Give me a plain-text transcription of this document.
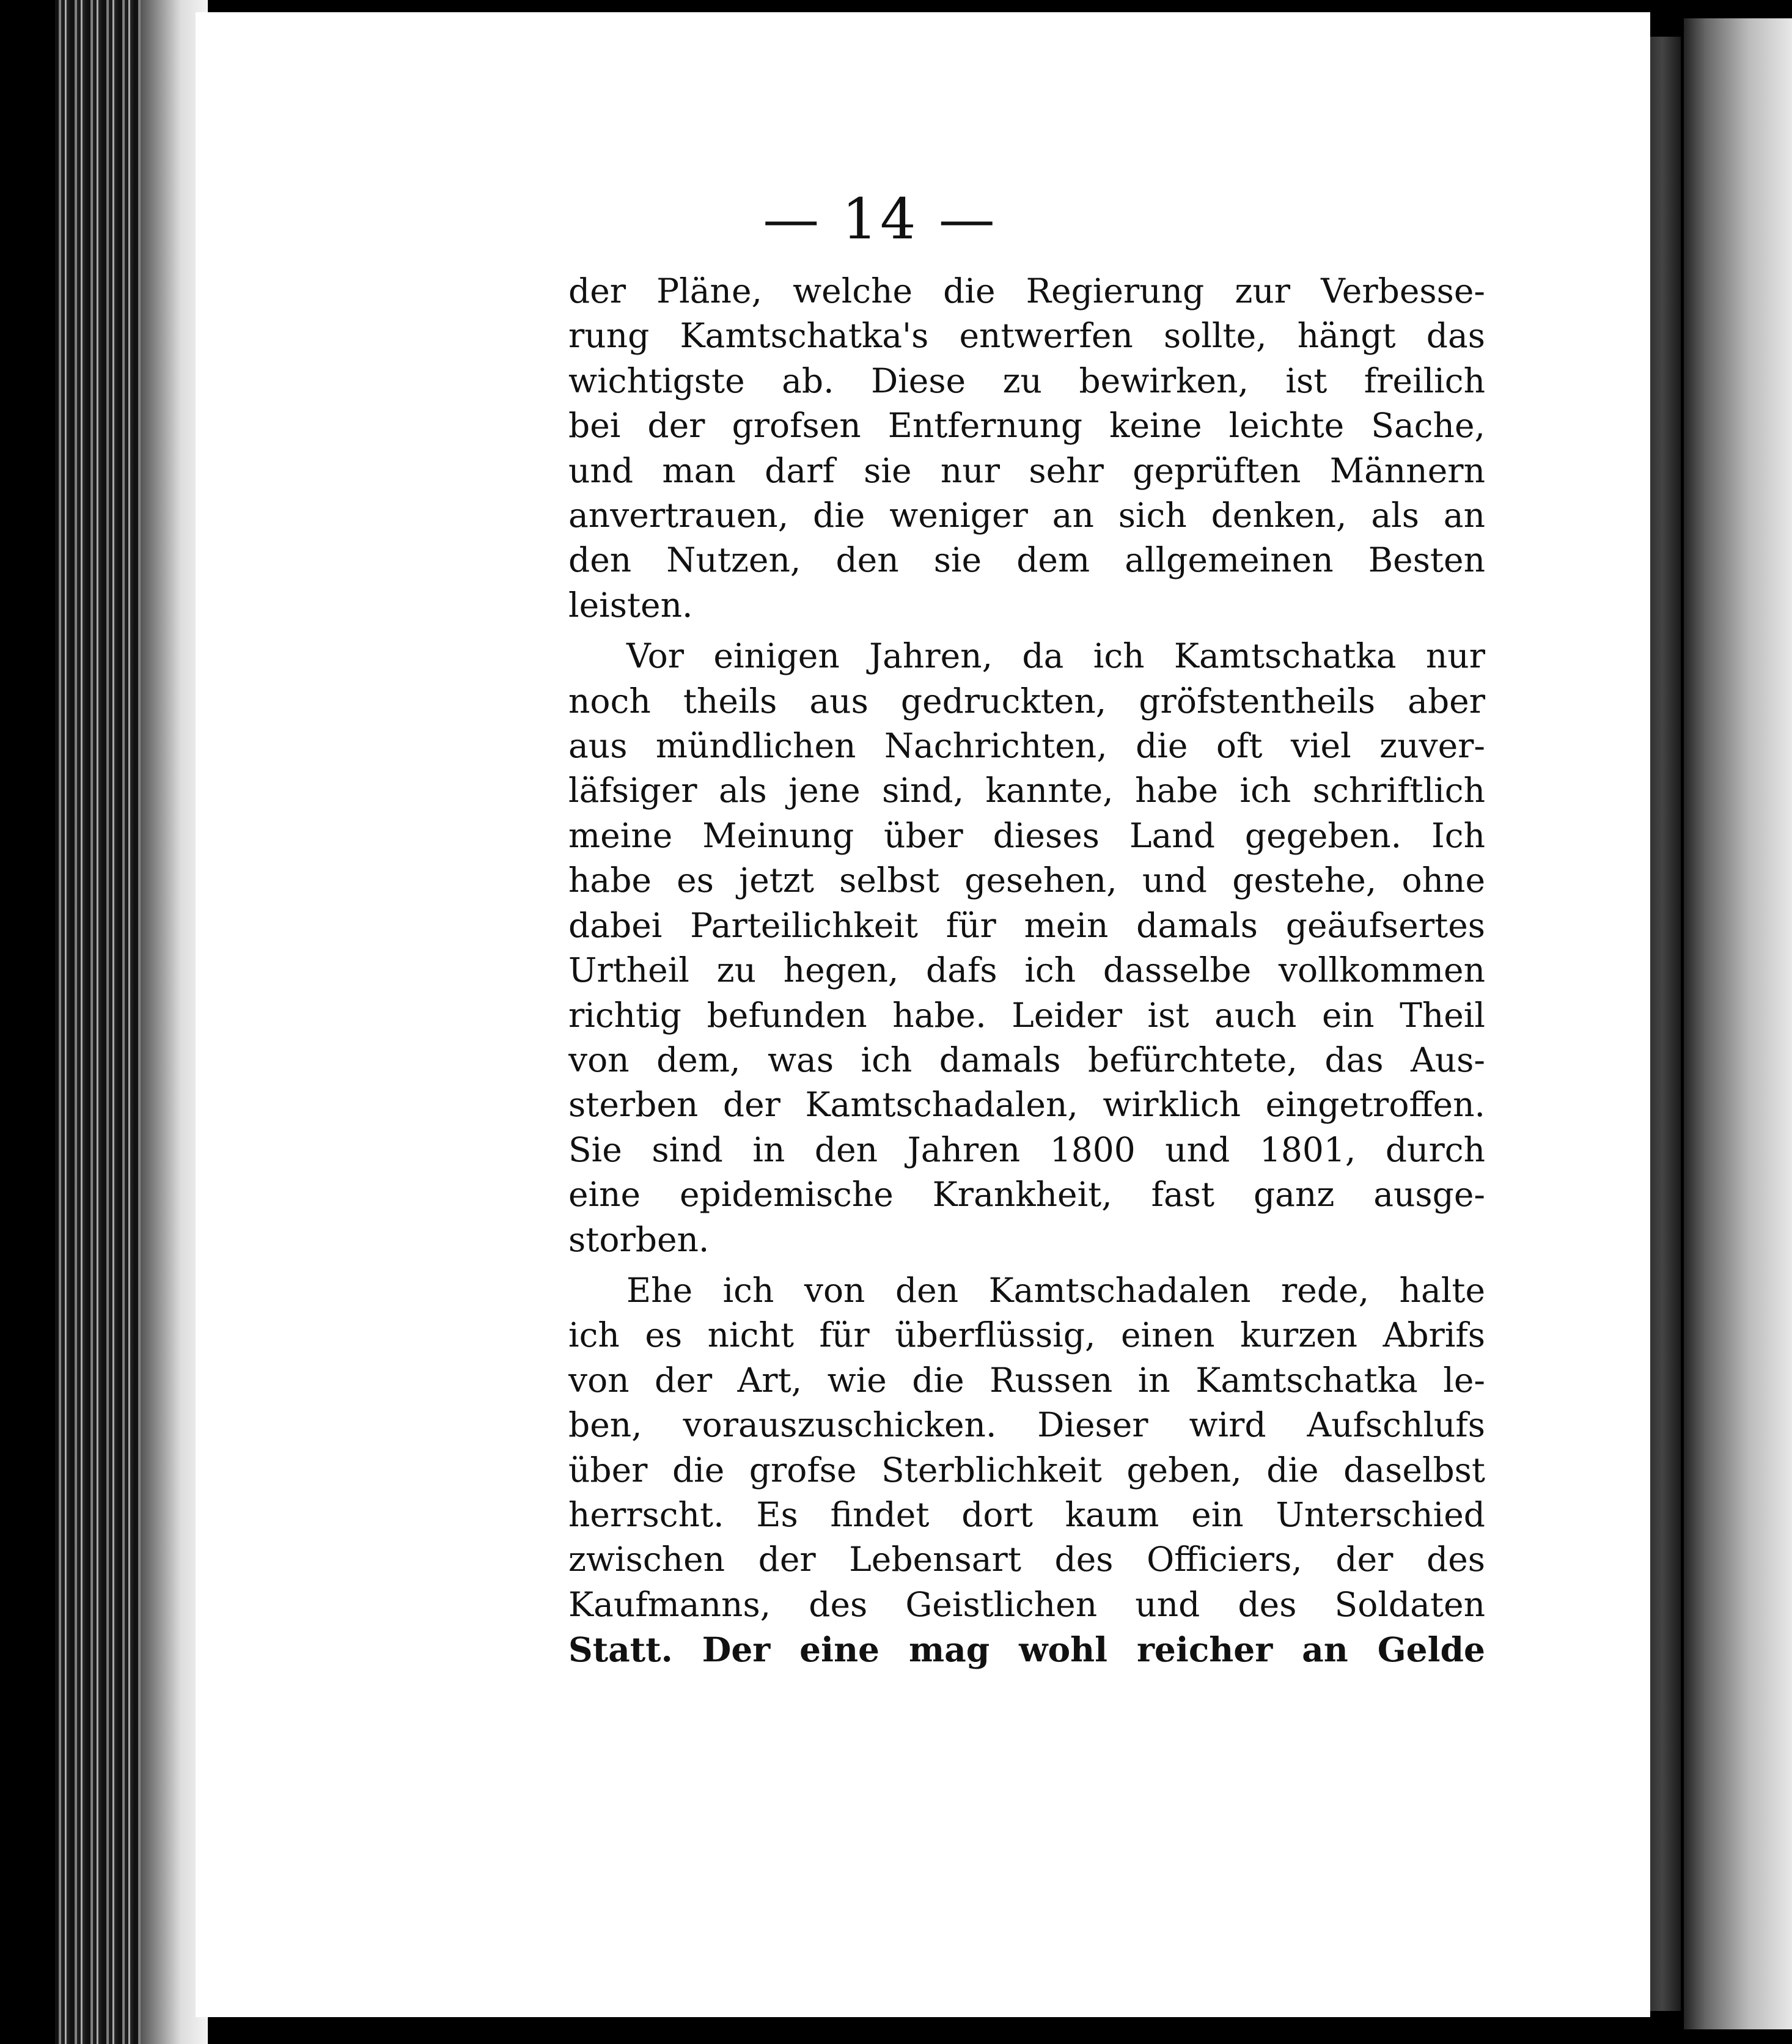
— 14 —
der Pläne, welche die Regierung zur Verbesse-
rung Kamtschatka's entwerfen sollte, hängt das
wichtigste ab. Diese zu bewirken, ist freilich
bei der grofsen Entfernung keine leichte Sache,
und man darf sie nur sehr geprüften Männern
anvertrauen, die weniger an sich denken, als an
den Nutzen, den sie dem allgemeinen Besten
leisten.
Vor einigen Jahren, da ich Kamtschatka nur
noch theils aus gedruckten, gröfstentheils aber
aus mündlichen Nachrichten, die oft viel zuver-
läfsiger als jene sind, kannte, habe ich schriftlich
meine Meinung über dieses Land gegeben. Ich
habe es jetzt selbst gesehen, und gestehe, ohne
dabei Parteilichkeit für mein damals geäufsertes
Urtheil zu hegen, dafs ich dasselbe vollkommen
richtig befunden habe. Leider ist auch ein Theil
von dem, was ich damals befürchtete, das Aus-
sterben der Kamtschadalen, wirklich eingetroffen.
Sie sind in den Jahren 1800 und 1801, durch
eine epidemische Krankheit, fast ganz ausge-
storben.
Ehe ich von den Kamtschadalen rede, halte
ich es nicht für überflüssig, einen kurzen Abrifs
von der Art, wie die Russen in Kamtschatka le-
ben, vorauszuschicken. Dieser wird Aufschlufs
über die grofse Sterblichkeit geben, die daselbst
herrscht. Es findet dort kaum ein Unterschied
zwischen der Lebensart des Officiers, der des
Kaufmanns, des Geistlichen und des Soldaten
Statt. Der eine mag wohl reicher an Gelde
